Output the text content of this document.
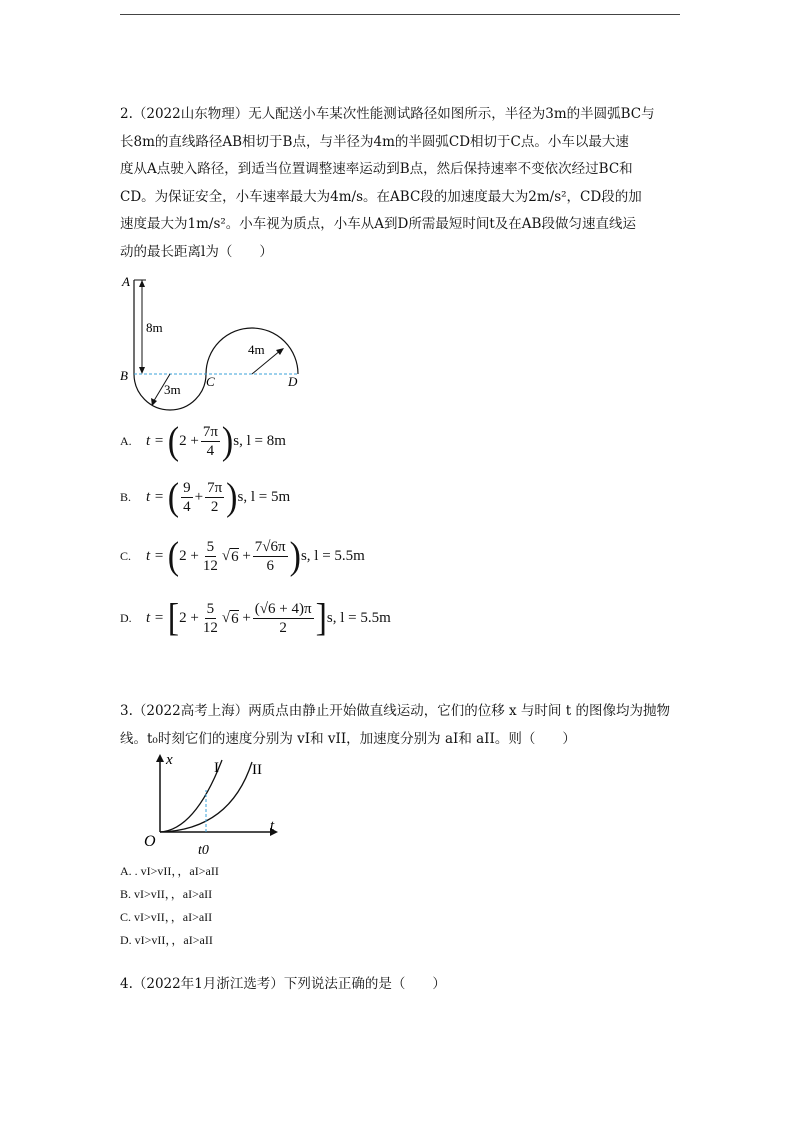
2.（2022山东物理）无人配送小车某次性能测试路径如图所示，半径为3m的半圆弧BC与
长8m的直线路径AB相切于B点，与半径为4m的半圆弧CD相切于C点。小车以最大速
度从A点驶入路径，到适当位置调整速率运动到B点，然后保持速率不变依次经过BC和
CD。为保证安全，小车速率最大为4m/s。在ABC段的加速度最大为2m/s²，CD段的加
速度最大为1m/s²。小车视为质点，小车从A到D所需最短时间t及在AB段做匀速直线运
动的最长距离l为（　　）
A
B	C	D
8m
3m
4m
A. t =
( $2 + \frac{7\pi}{4}$ ) s, l = 8m
B. t =
( $\frac{9}{4} + \frac{7\pi}{2}$ ) s, l = 5m
C. t =
( $2 + \frac{5}{12}$ √ 6
+ $\frac{7√6\pi}{6}$ ) s, l = 5.5m
D. t =
[ $2 + \frac{5}{12}$ √ 6
+ $\frac{(√6 + 4)\pi}{2}$ ] s, l = 5.5m
3.（2022高考上海）两质点由静止开始做直线运动，它们的位移 x 与时间 t 的图像均为抛物
线。t₀时刻它们的速度分别为 vI和 vII，加速度分别为 aI和 aII。则（　　）
x
t
O
t0
I II
A. . vI>vII，，aI>aII
B. vI>vII，，aI>aII
C. vI>vII，，aI>aII
D. vI>vII，，aI>aII
4.（2022年1月浙江选考）下列说法正确的是（　　）
